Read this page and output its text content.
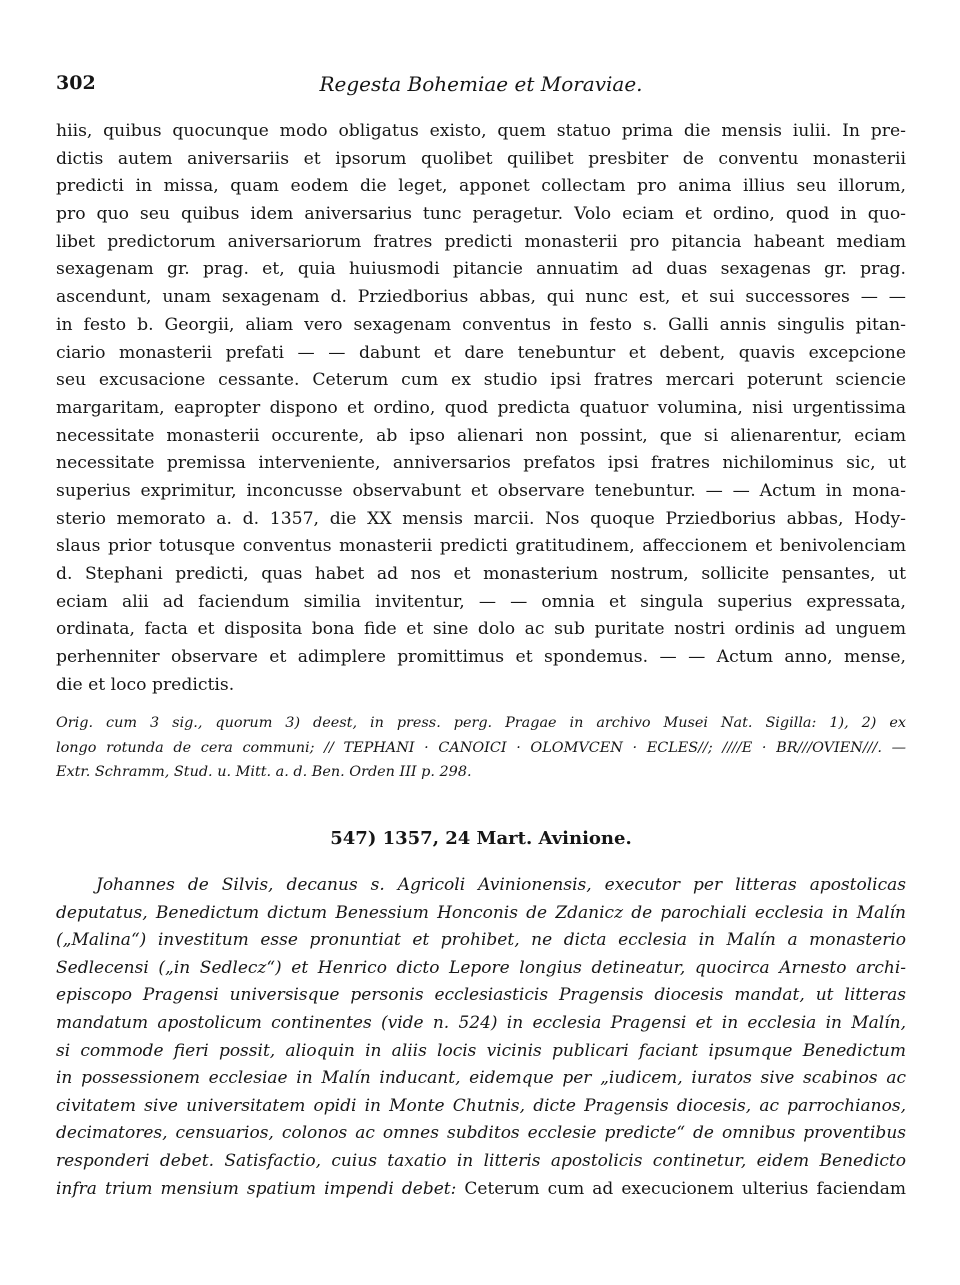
302	Regesta Bohemiae et Moraviae.
hiis, quibus quocunque modo obligatus existo, quem statuo prima die mensis iulii. In pre-
dictis autem aniversariis et ipsorum quolibet quilibet presbiter de conventu monasterii
predicti in missa, quam eodem die leget, apponet collectam pro anima illius seu illorum,
pro quo seu quibus idem aniversarius tunc peragetur. Volo eciam et ordino, quod in quo-
libet predictorum aniversariorum fratres predicti monasterii pro pitancia habeant mediam
sexagenam gr. prag. et, quia huiusmodi pitancie annuatim ad duas sexagenas gr. prag.
ascendunt, unam sexagenam d. Prziedborius abbas, qui nunc est, et sui successores — —
in festo b. Georgii, aliam vero sexagenam conventus in festo s. Galli annis singulis pitan-
ciario monasterii prefati — — dabunt et dare tenebuntur et debent, quavis excepcione
seu excusacione cessante. Ceterum cum ex studio ipsi fratres mercari poterunt sciencie
margaritam, eapropter dispono et ordino, quod predicta quatuor volumina, nisi urgentissima
necessitate monasterii occurente, ab ipso alienari non possint, que si alienarentur, eciam
necessitate premissa interveniente, anniversarios prefatos ipsi fratres nichilominus sic, ut
superius exprimitur, inconcusse observabunt et observare tenebuntur. — — Actum in mona-
sterio memorato a. d. 1357, die XX mensis marcii. Nos quoque Prziedborius abbas, Hody-
slaus prior totusque conventus monasterii predicti gratitudinem, affeccionem et benivolenciam
d. Stephani predicti, quas habet ad nos et monasterium nostrum, sollicite pensantes, ut
eciam alii ad faciendum similia invitentur, — — omnia et singula superius expressata,
ordinata, facta et disposita bona fide et sine dolo ac sub puritate nostri ordinis ad unguem
perhenniter observare et adimplere promittimus et spondemus. — — Actum anno, mense,
die et loco predictis.
Orig. cum 3 sig., quorum 3) deest, in press. perg. Pragae in archivo Musei Nat. Sigilla: 1), 2) ex
longo rotunda de cera communi; // TEPHANI · CANOICI · OLOMVCEN · ECLES//; ////E · BR///OVIEN///. —
Extr. Schramm, Stud. u. Mitt. a. d. Ben. Orden III p. 298.
547) 1357, 24 Mart. Avinione.
Johannes de Silvis, decanus s. Agricoli Avinionensis, executor per litteras apostolicas
deputatus, Benedictum dictum Benessium Honconis de Zdanicz de parochiali ecclesia in Malín
(„Malina“) investitum esse pronuntiat et prohibet, ne dicta ecclesia in Malín a monasterio
Sedlecensi („in Sedlecz“) et Henrico dicto Lepore longius detineatur, quocirca Arnesto archi-
episcopo Pragensi universisque personis ecclesiasticis Pragensis diocesis mandat, ut litteras
mandatum apostolicum continentes (vide n. 524) in ecclesia Pragensi et in ecclesia in Malín,
si commode fieri possit, alioquin in aliis locis vicinis publicari faciant ipsumque Benedictum
in possessionem ecclesiae in Malín inducant, eidemque per „iudicem, iuratos sive scabinos ac
civitatem sive universitatem opidi in Monte Chutnis, dicte Pragensis diocesis, ac parrochianos,
decimatores, censuarios, colonos ac omnes subditos ecclesie predicte“ de omnibus proventibus
responderi debet. Satisfactio, cuius taxatio in litteris apostolicis continetur, eidem Benedicto
infra trium mensium spatium impendi debet: Ceterum cum ad execucionem ulterius faciendam
